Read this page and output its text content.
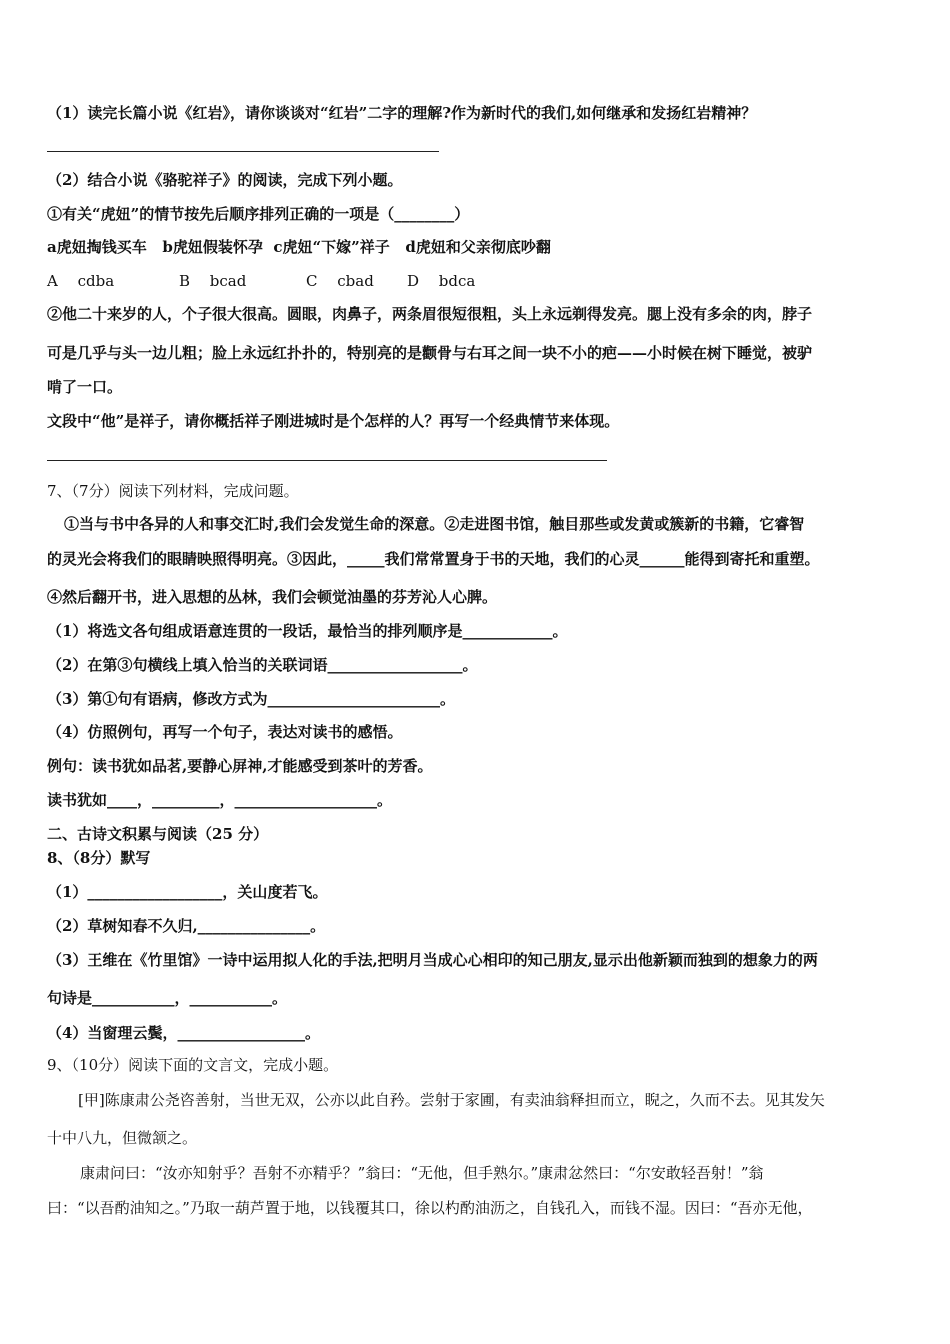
（1）读完长篇小说《红岩》，请你谈谈对“红岩”二字的理解?作为新时代的我们,如何继承和发扬红岩精神？
（2）结合小说《骆驼祥子》的阅读，完成下列小题。
①有关“虎妞”的情节按先后顺序排列正确的一项是（________）
a虎妞掏钱买车   b虎妞假装怀孕  c虎妞“下嫁”祥子   d虎妞和父亲彻底吵翻
A　 cdba	B　 bcad	C　 cbad D　 bdca
②他二十来岁的人，个子很大很高。圆眼，肉鼻子，两条眉很短很粗，头上永远剃得发亮。腮上没有多余的肉，脖子
可是几乎与头一边儿粗；脸上永远红扑扑的，特别亮的是颧骨与右耳之间一块不小的疤——小时候在树下睡觉，被驴
啃了一口。
文段中“他”是祥子，请你概括祥子刚进城时是个怎样的人？再写一个经典情节来体现。
7、（7分）阅读下列材料，完成问题。
①当与书中各异的人和事交汇时,我们会发觉生命的深意。②走进图书馆，触目那些或发黄或簇新的书籍，它睿智
的灵光会将我们的眼睛映照得明亮。③因此，_____我们常常置身于书的天地，我们的心灵______能得到寄托和重塑。
④然后翻开书，进入思想的丛林，我们会顿觉油墨的芬芳沁人心脾。
（1）将选文各句组成语意连贯的一段话，最恰当的排列顺序是____________。
（2）在第③句横线上填入恰当的关联词语__________________。
（3）第①句有语病，修改方式为_______________________。
（4）仿照例句，再写一个句子，表达对读书的感悟。
例句：读书犹如品茗,要静心屏神,才能感受到茶叶的芳香。
读书犹如____，_________，___________________。
二、古诗文积累与阅读（25 分）
8、（8分）默写
（1）__________________，关山度若飞。
（2）草树知春不久归,_______________。
（3）王维在《竹里馆》一诗中运用拟人化的手法,把明月当成心心相印的知己朋友,显示出他新颖而独到的想象力的两
句诗是___________，___________。
（4）当窗理云鬓，_________________。
9、（10分）阅读下面的文言文，完成小题。
[甲]陈康肃公尧咨善射，当世无双，公亦以此自矜。尝射于家圃，有卖油翁释担而立，睨之，久而不去。见其发矢
十中八九，但微颔之。
康肃问曰：“汝亦知射乎？吾射不亦精乎？”翁曰：“无他，但手熟尔。”康肃忿然曰：“尔安敢轻吾射！”翁
曰：“以吾酌油知之。”乃取一葫芦置于地，以钱覆其口，徐以杓酌油沥之，自钱孔入，而钱不湿。因曰：“吾亦无他，
